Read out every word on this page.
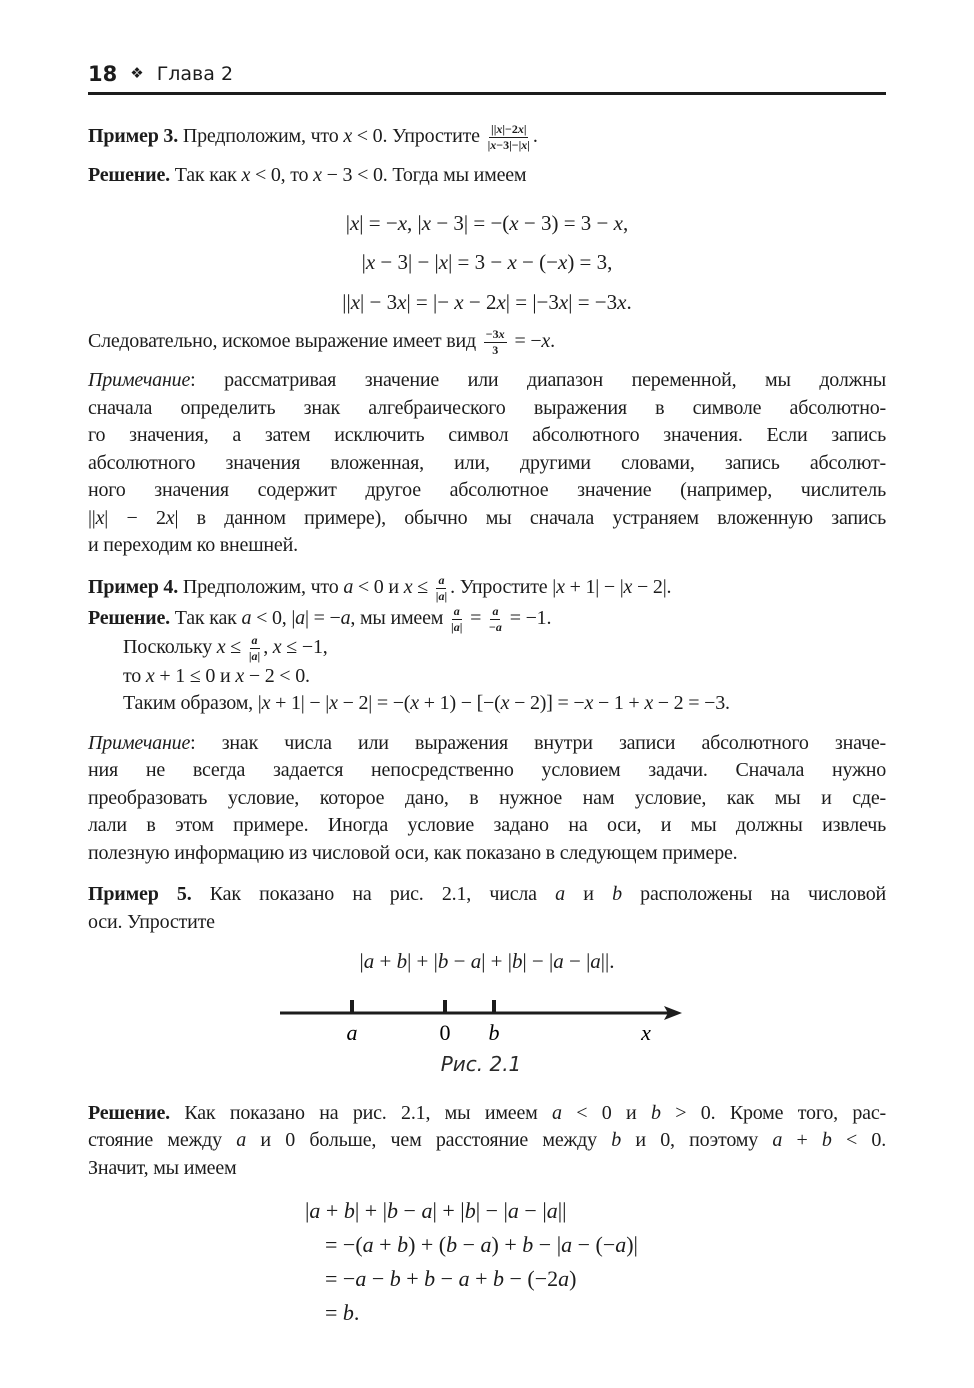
18 ❖ Глава 2

Пример 3. Предположим, что x < 0. Упростите $\frac{||x|-2x|}{|x-3|-|x|}$ .

Решение. Так как x < 0, то x − 3 < 0. Тогда мы имеем

|x| = −x, |x − 3| = −(x − 3) = 3 − x,
|x − 3| − |x| = 3 − x − (−x) = 3,
||x| − 3x| = |− x − 2x| = |−3x| = −3x.

Следовательно, искомое выражение имеет вид $\frac{-3x}{3} = -x$.

Примечание: рассматривая значение или диапазон переменной, мы должны
сначала определить знак алгебраического выражения в символе абсолютно-
го значения, а затем исключить символ абсолютного значения. Если запись
абсолютного значения вложенная, или, другими словами, запись абсолют-
ного значения содержит другое абсолютное значение (например, числитель
||x| − 2x| в данном примере), обычно мы сначала устраняем вложенную запись
и переходим ко внешней.

Пример 4. Предположим, что a < 0 и $x \le \frac{a}{|a|}$ . Упростите |x + 1| − |x − 2|.

Решение. Так как a < 0, |a| = −a, мы имеем $\frac{a}{|a|} = \frac{a}{-a} = -1$.

Поскольку $x \le \frac{a}{|a|}$ , x ≤ −1,

то x + 1 ≤ 0 и x − 2 < 0.

Таким образом, |x + 1| − |x − 2| = −(x + 1) − [−(x − 2)] = −x − 1 + x − 2 = −3.

Примечание: знак числа или выражения внутри записи абсолютного значе-
ния не всегда задается непосредственно условием задачи. Сначала нужно
преобразовать условие, которое дано, в нужное нам условие, как мы и сде-
лали в этом примере. Иногда условие задано на оси, и мы должны извлечь
полезную информацию из числовой оси, как показано в следующем примере.
Пример 5. Как показано на рис. 2.1, числа a и b расположены на числовой
оси. Упростите
|a + b| + |b − a| + |b| − |a − |a||.
a	0 b	x
Рис. 2.1
Решение. Как показано на рис. 2.1, мы имеем a < 0 и b > 0. Кроме того, рас-
стояние между a и 0 больше, чем расстояние между b и 0, поэтому a + b < 0.
Значит, мы имеем
|a + b| + |b − a| + |b| − |a − |a||
= −(a + b) + (b − a) + b − |a − (−a)|
= −a − b + b − a + b − (−2a)
= b.
